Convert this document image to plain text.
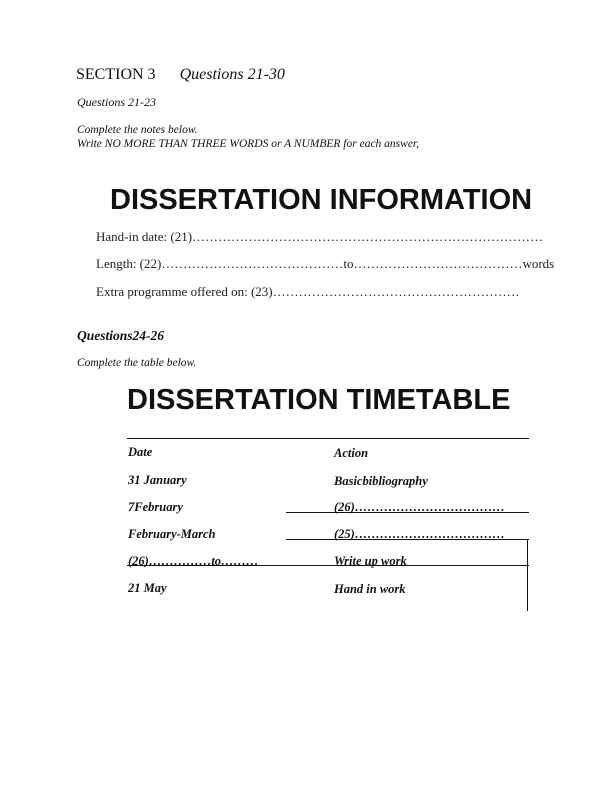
SECTION 3 Questions 21-30
Questions 21-23
Complete the notes below.
Write NO MORE THAN THREE WORDS or A NUMBER for each answer,
DISSERTATION INFORMATION
Hand-in date: (21)………………………………………………………………………
Length: (22)……………………………………to…………………………………words
Extra programme offered on: (23)…………………………………………………
Questions24-26
Complete the table below.
DISSERTATION TIMETABLE
Date	Action
31 January	Basicbibliography
7February	(26)………………………………
February-March	(25)………………………………
(26)……………to………	Write up work
21 May	Hand in work
